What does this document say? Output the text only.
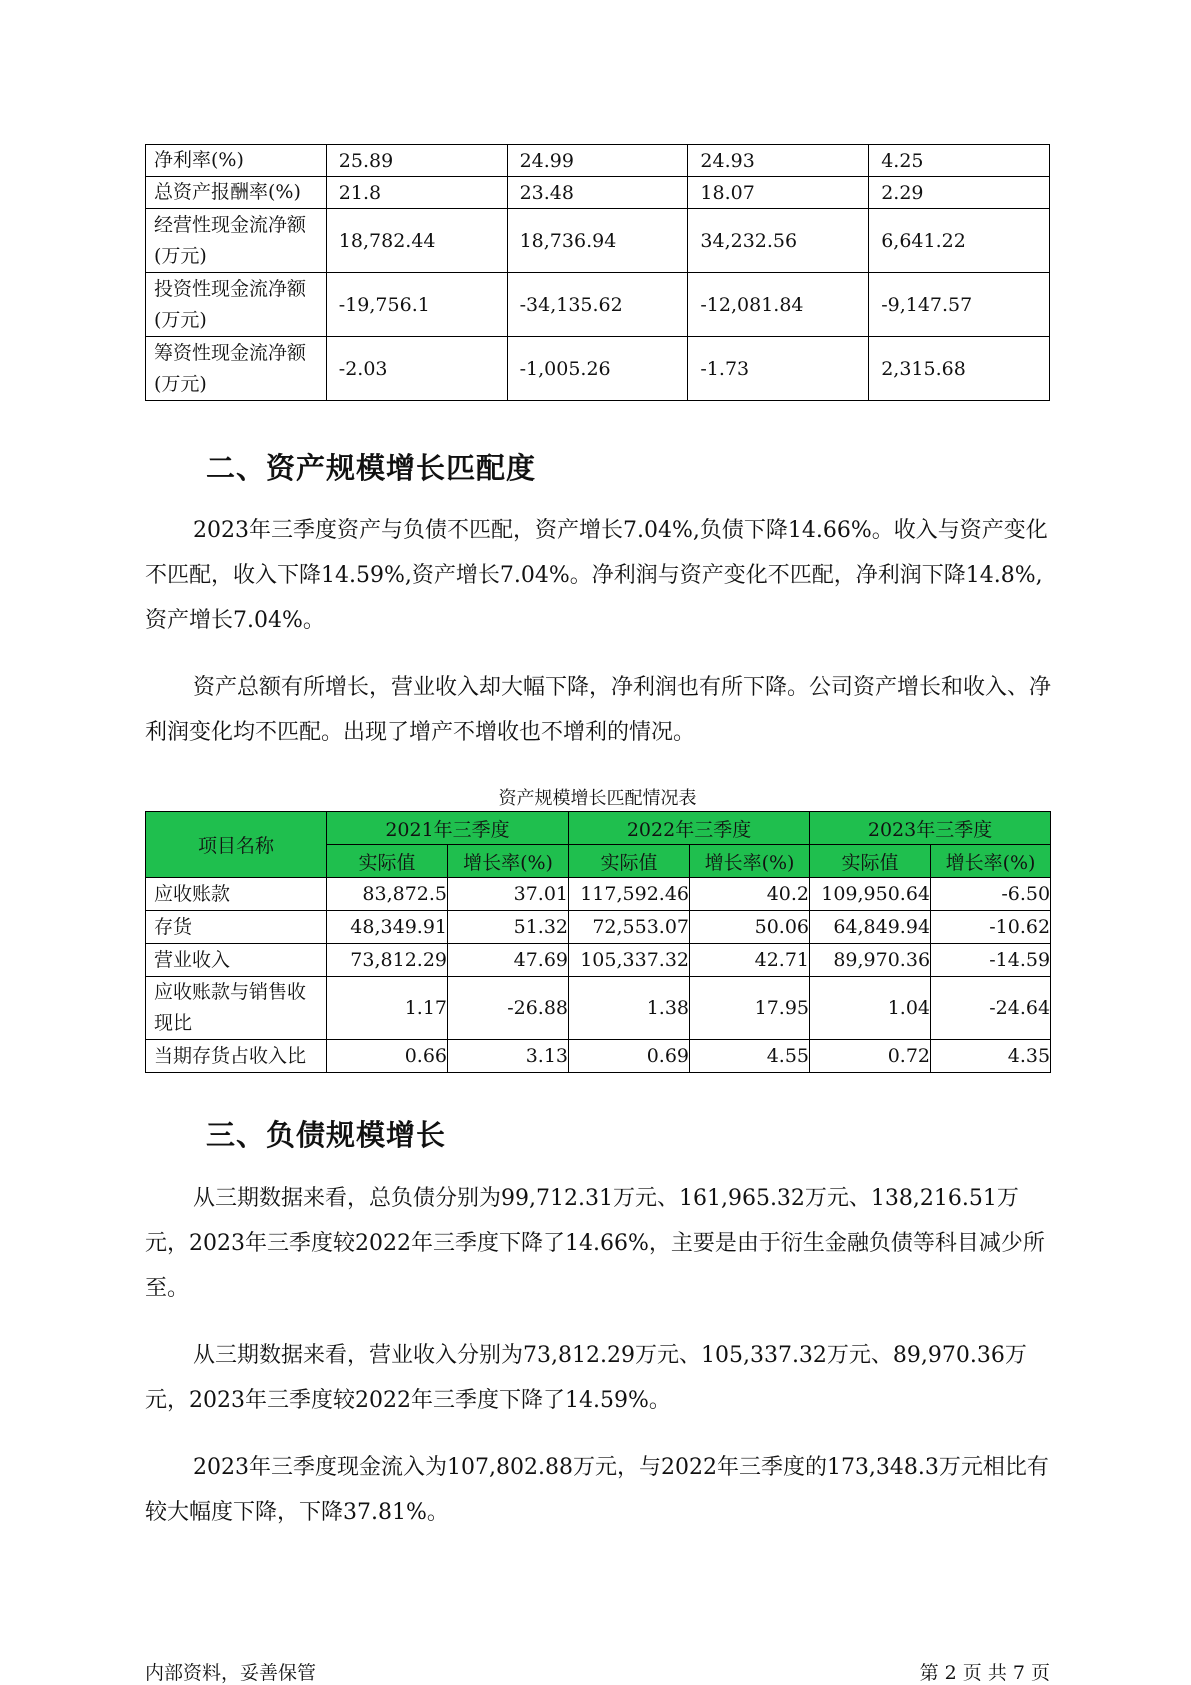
净利率(%)	25.89	24.99	24.93	4.25
总资产报酬率(%)	21.8	23.48	18.07	2.29
经营性现金流净额(万元)	18,782.44	18,736.94	34,232.56	6,641.22
投资性现金流净额(万元)	-19,756.1	-34,135.62	-12,081.84	-9,147.57
筹资性现金流净额(万元)	-2.03	-1,005.26	-1.73	2,315.68
二、资产规模增长匹配度

2023年三季度资产与负债不匹配，资产增长7.04%,负债下降14.66%。收入与资产变化不匹配，收入下降14.59%,资产增长7.04%。净利润与资产变化不匹配，净利润下降14.8%,资产增长7.04%。

资产总额有所增长，营业收入却大幅下降，净利润也有所下降。公司资产增长和收入、净利润变化均不匹配。出现了增产不增收也不增利的情况。

资产规模增长匹配情况表
项目名称	2021年三季度		2022年三季度		2023年三季度	
	实际值	增长率(%)	实际值	增长率(%)	实际值	增长率(%)
应收账款	83,872.5	37.01	117,592.46	40.2	109,950.64	-6.50
存货	48,349.91	51.32	72,553.07	50.06	64,849.94	-10.62
营业收入	73,812.29	47.69	105,337.32	42.71	89,970.36	-14.59
应收账款与销售收现比	1.17	-26.88	1.38	17.95	1.04	-24.64
当期存货占收入比	0.66	3.13	0.69	4.55	0.72	4.35
三、负债规模增长

从三期数据来看，总负债分别为99,712.31万元、161,965.32万元、138,216.51万元，2023年三季度较2022年三季度下降了14.66%，主要是由于衍生金融负债等科目减少所至。

从三期数据来看，营业收入分别为73,812.29万元、105,337.32万元、89,970.36万元，2023年三季度较2022年三季度下降了14.59%。

2023年三季度现金流入为107,802.88万元，与2022年三季度的173,348.3万元相比有较大幅度下降，下降37.81%。

内部资料，妥善保管	第 2 页 共 7 页
